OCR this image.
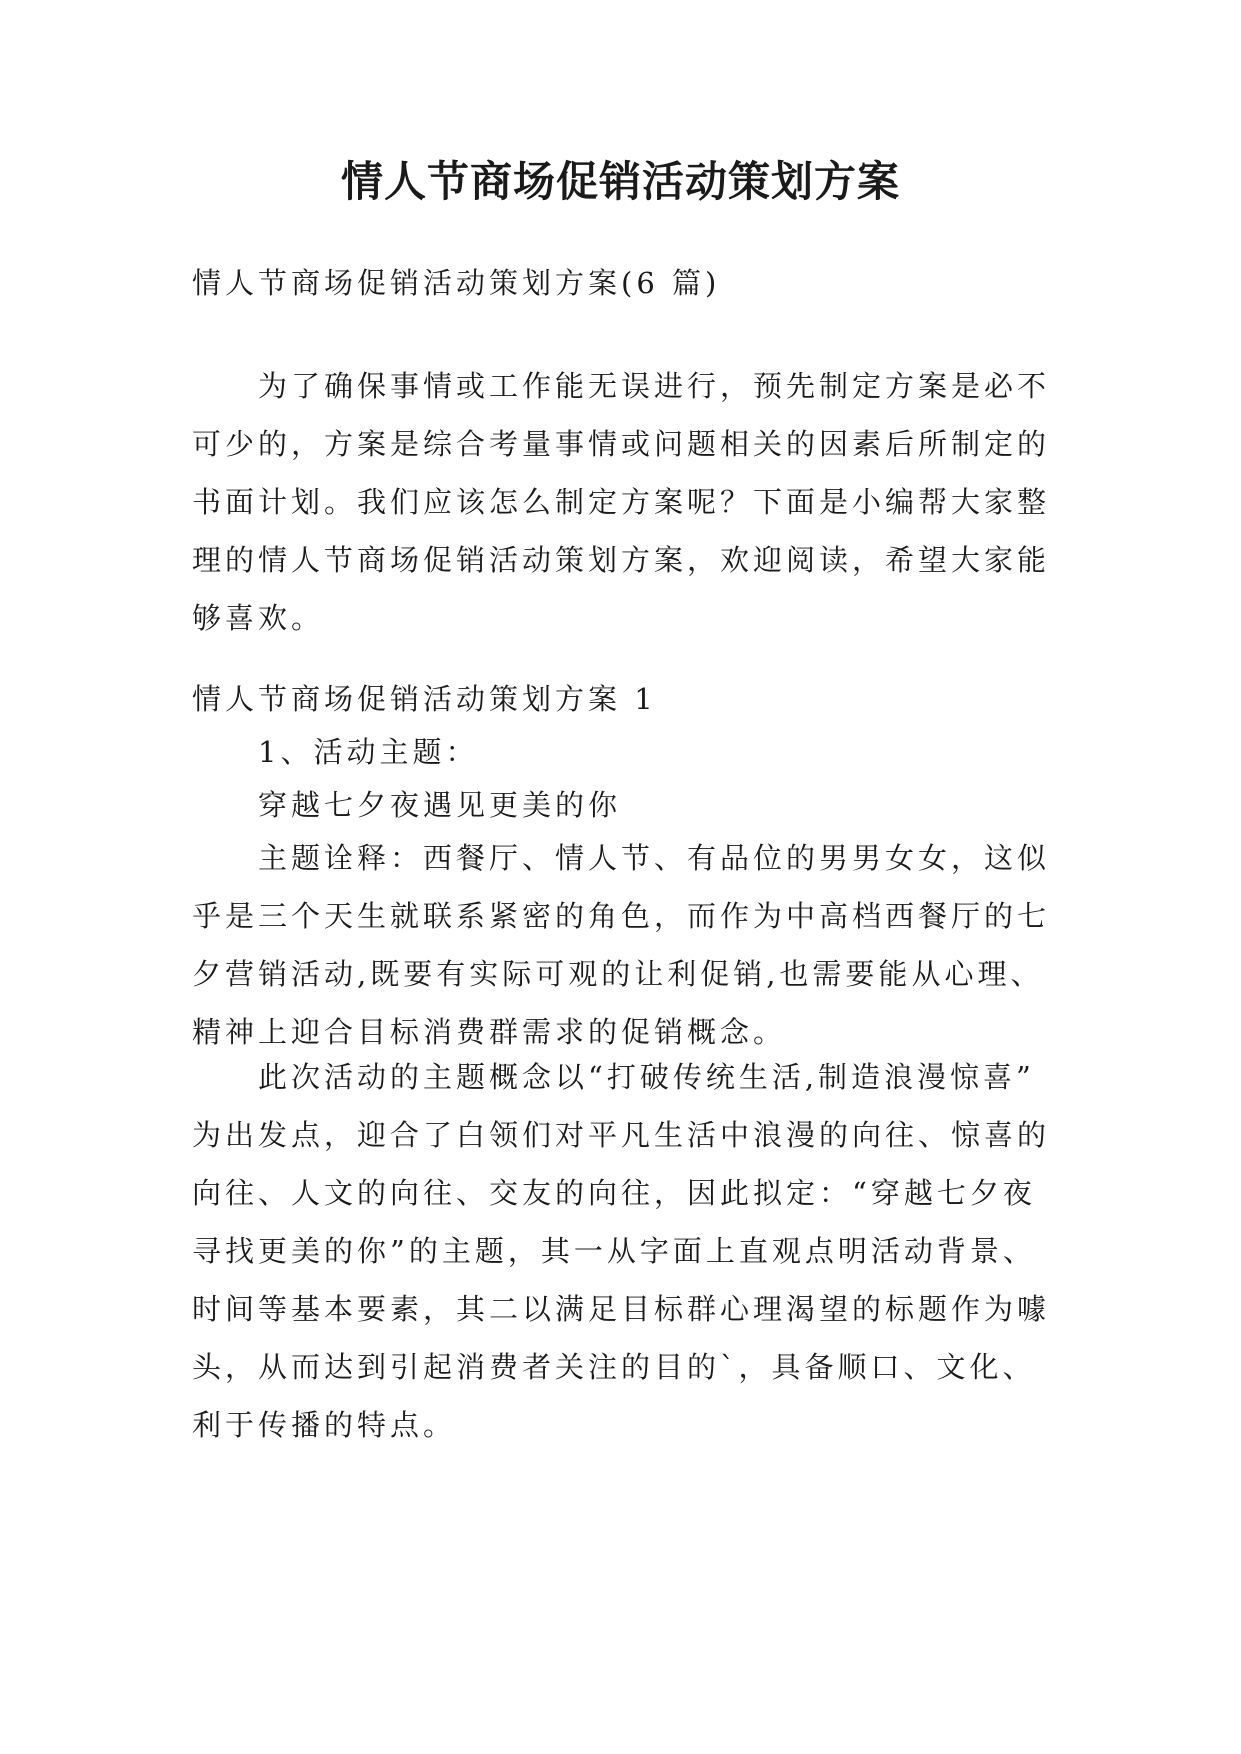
情人节商场促销活动策划方案

情人节商场促销活动策划方案(6 篇)

为了确保事情或工作能无误进行，预先制定方案是必不
可少的，方案是综合考量事情或问题相关的因素后所制定的
书面计划。我们应该怎么制定方案呢？下面是小编帮大家整
理的情人节商场促销活动策划方案，欢迎阅读，希望大家能
够喜欢。

情人节商场促销活动策划方案 1

1、活动主题：

穿越七夕夜遇见更美的你

主题诠释：西餐厅、情人节、有品位的男男女女，这似
乎是三个天生就联系紧密的角色，而作为中高档西餐厅的七
夕营销活动,既要有实际可观的让利促销,也需要能从心理、
精神上迎合目标消费群需求的促销概念。
此次活动的主题概念以“打破传统生活,制造浪漫惊喜”
为出发点，迎合了白领们对平凡生活中浪漫的向往、惊喜的
向往、人文的向往、交友的向往，因此拟定：“穿越七夕夜
寻找更美的你”的主题，其一从字面上直观点明活动背景、
时间等基本要素，其二以满足目标群心理渴望的标题作为噱
头，从而达到引起消费者关注的目的`，具备顺口、文化、
利于传播的特点。
